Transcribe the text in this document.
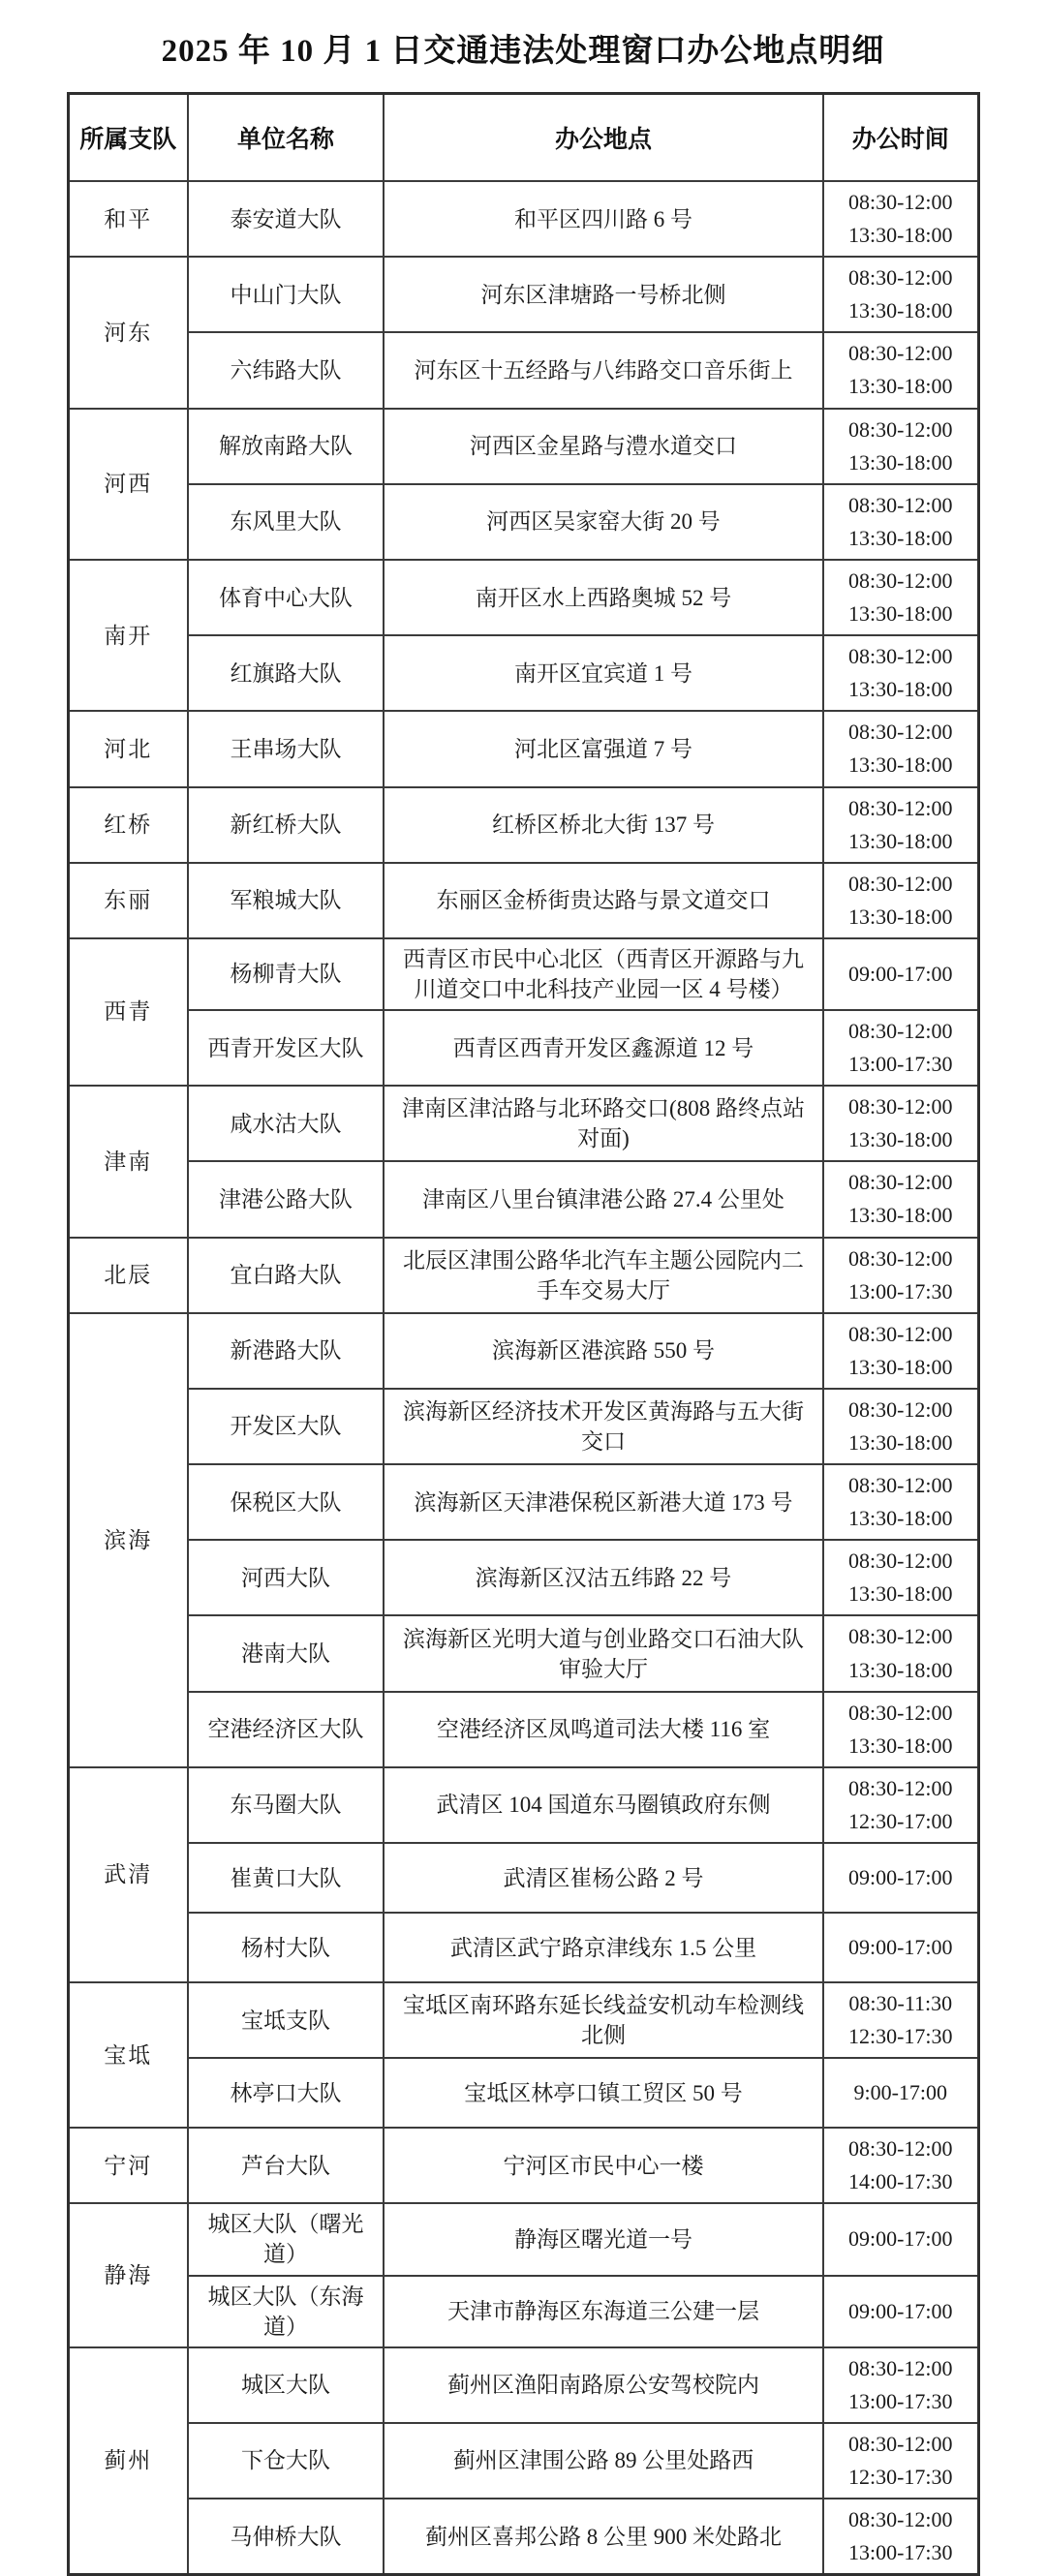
2025 年 10 月 1 日交通违法处理窗口办公地点明细
所属支队	单位名称	办公地点	办公时间
和平	泰安道大队	和平区四川路 6 号	08:30-12:00
13:30-18:00

河东	中山门大队	河东区津塘路一号桥北侧	08:30-12:00
13:30-18:00

	六纬路大队	河东区十五经路与八纬路交口音乐街上	08:30-12:00
13:30-18:00

河西	解放南路大队	河西区金星路与澧水道交口	08:30-12:00
13:30-18:00

	东风里大队	河西区吴家窑大街 20 号	08:30-12:00
13:30-18:00

南开	体育中心大队	南开区水上西路奥城 52 号	08:30-12:00
13:30-18:00

	红旗路大队	南开区宜宾道 1 号	08:30-12:00
13:30-18:00

河北	王串场大队	河北区富强道 7 号	08:30-12:00
13:30-18:00

红桥	新红桥大队	红桥区桥北大街 137 号	08:30-12:00
13:30-18:00

东丽	军粮城大队	东丽区金桥街贵达路与景文道交口	08:30-12:00
13:30-18:00

西青	杨柳青大队	西青区市民中心北区（西青区开源路与九川道交口中北科技产业园一区 4 号楼）	09:00-17:00

	西青开发区大队	西青区西青开发区鑫源道 12 号	08:30-12:00
13:00-17:30

津南	咸水沽大队	津南区津沽路与北环路交口(808 路终点站对面)	08:30-12:00
13:30-18:00

	津港公路大队	津南区八里台镇津港公路 27.4 公里处	08:30-12:00
13:30-18:00

北辰	宜白路大队	北辰区津围公路华北汽车主题公园院内二手车交易大厅	08:30-12:00
13:00-17:30

滨海	新港路大队	滨海新区港滨路 550 号	08:30-12:00
13:30-18:00

	开发区大队	滨海新区经济技术开发区黄海路与五大街交口	08:30-12:00
13:30-18:00

	保税区大队	滨海新区天津港保税区新港大道 173 号	08:30-12:00
13:30-18:00

	河西大队	滨海新区汉沽五纬路 22 号	08:30-12:00
13:30-18:00

	港南大队	滨海新区光明大道与创业路交口石油大队审验大厅	08:30-12:00
13:30-18:00

	空港经济区大队	空港经济区凤鸣道司法大楼 116 室	08:30-12:00
13:30-18:00

武清	东马圈大队	武清区 104 国道东马圈镇政府东侧	08:30-12:00
12:30-17:00

	崔黄口大队	武清区崔杨公路 2 号	09:00-17:00

	杨村大队	武清区武宁路京津线东 1.5 公里	09:00-17:00

宝坻	宝坻支队	宝坻区南环路东延长线益安机动车检测线北侧	08:30-11:30
12:30-17:30

	林亭口大队	宝坻区林亭口镇工贸区 50 号	9:00-17:00

宁河	芦台大队	宁河区市民中心一楼	08:30-12:00
14:00-17:30

静海	城区大队（曙光道）	静海区曙光道一号	09:00-17:00

	城区大队（东海道）	天津市静海区东海道三公建一层	09:00-17:00

蓟州	城区大队	蓟州区渔阳南路原公安驾校院内	08:30-12:00
13:00-17:30

	下仓大队	蓟州区津围公路 89 公里处路西	08:30-12:00
12:30-17:30

	马伸桥大队	蓟州区喜邦公路 8 公里 900 米处路北	08:30-12:00
13:00-17:30
